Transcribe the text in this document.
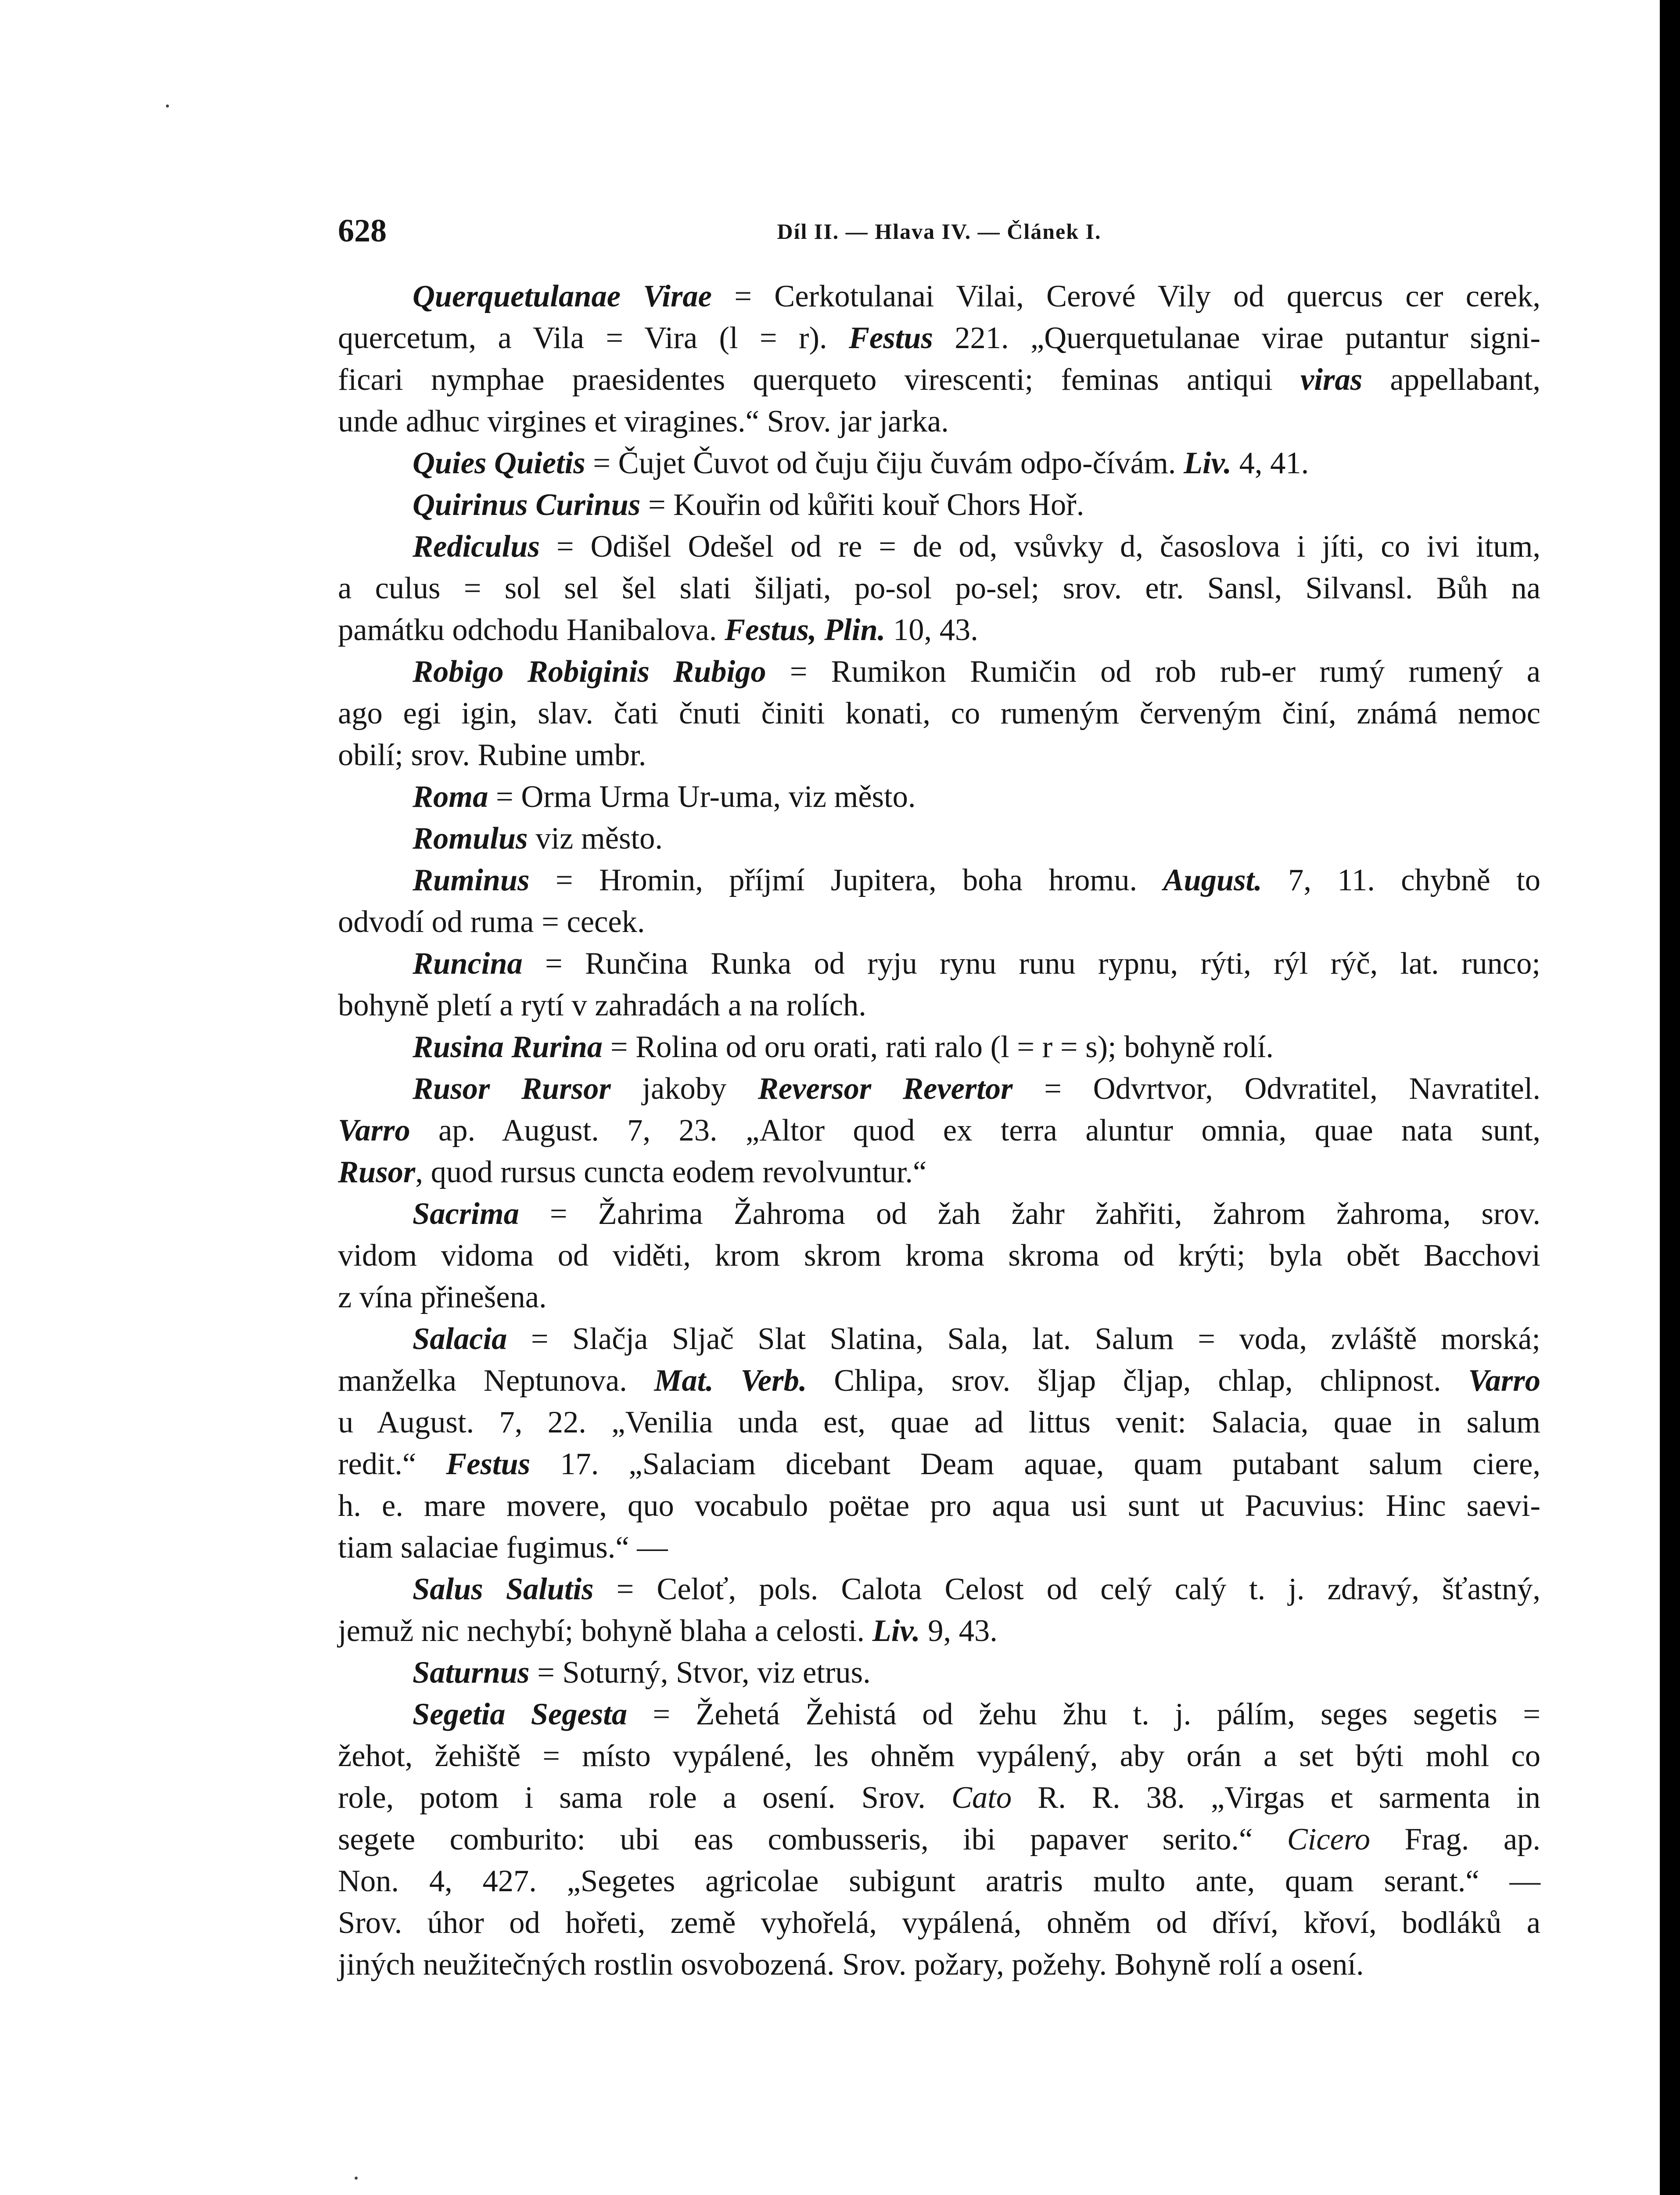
628	Díl II. — Hlava IV. — Článek I.

Querquetulanae Virae = Cerkotulanai Vilai, Cerové Vily od quercus cer cerek,

quercetum, a Vila = Vira (l = r). Festus 221. „Querquetulanae virae putantur signi-

ficari nymphae praesidentes querqueto virescenti; feminas antiqui viras appellabant,

unde adhuc virgines et viragines.“ Srov. jar jarka.

Quies Quietis = Čujet Čuvot od čuju čiju čuvám odpo-čívám. Liv. 4, 41.

Quirinus Curinus = Kouřin od kůřiti kouř Chors Hoř.

Rediculus = Odišel Odešel od re = de od, vsůvky d, časoslova i jíti, co ivi itum,

a culus = sol sel šel slati šiljati, po-sol po-sel; srov. etr. Sansl, Silvansl. Bůh na

památku odchodu Hanibalova. Festus, Plin. 10, 43.

Robigo Robiginis Rubigo = Rumikon Rumičin od rob rub-er rumý rumený a

ago egi igin, slav. čati čnuti činiti konati, co rumeným červeným činí, známá nemoc

obilí; srov. Rubine umbr.

Roma = Orma Urma Ur-uma, viz město.

Romulus viz město.

Ruminus = Hromin, příjmí Jupitera, boha hromu. August. 7, 11. chybně to

odvodí od ruma = cecek.

Runcina = Runčina Runka od ryju rynu runu rypnu, rýti, rýl rýč, lat. runco;

bohyně pletí a rytí v zahradách a na rolích.

Rusina Rurina = Rolina od oru orati, rati ralo (l = r = s); bohyně rolí.

Rusor Rursor jakoby Reversor Revertor = Odvrtvor, Odvratitel, Navratitel.

Varro ap. August. 7, 23. „Altor quod ex terra aluntur omnia, quae nata sunt,

Rusor, quod rursus cuncta eodem revolvuntur.“

Sacrima = Žahrima Žahroma od žah žahr žahřiti, žahrom žahroma, srov.

vidom vidoma od viděti, krom skrom kroma skroma od krýti; byla obět Bacchovi

z vína přinešena.

Salacia = Slačja Sljač Slat Slatina, Sala, lat. Salum = voda, zvláště morská;

manželka Neptunova. Mat. Verb. Chlipa, srov. šljap čljap, chlap, chlipnost. Varro

u August. 7, 22. „Venilia unda est, quae ad littus venit: Salacia, quae in salum

redit.“ Festus 17. „Salaciam dicebant Deam aquae, quam putabant salum ciere,

h. e. mare movere, quo vocabulo poëtae pro aqua usi sunt ut Pacuvius: Hinc saevi-

tiam salaciae fugimus.“ —

Salus Salutis = Celoť, pols. Calota Celost od celý calý t. j. zdravý, šťastný,

jemuž nic nechybí; bohyně blaha a celosti. Liv. 9, 43.

Saturnus = Soturný, Stvor, viz etrus.

Segetia Segesta = Žehetá Žehistá od žehu žhu t. j. pálím, seges segetis =

žehot, žehiště = místo vypálené, les ohněm vypálený, aby orán a set býti mohl co

role, potom i sama role a osení. Srov. Cato R. R. 38. „Virgas et sarmenta in

segete comburito: ubi eas combusseris, ibi papaver serito.“ Cicero Frag. ap.

Non. 4, 427. „Segetes agricolae subigunt aratris multo ante, quam serant.“ —

Srov. úhor od hořeti, země vyhořelá, vypálená, ohněm od dříví, křoví, bodláků a

jiných neužitečných rostlin osvobozená. Srov. požary, požehy. Bohyně rolí a osení.
